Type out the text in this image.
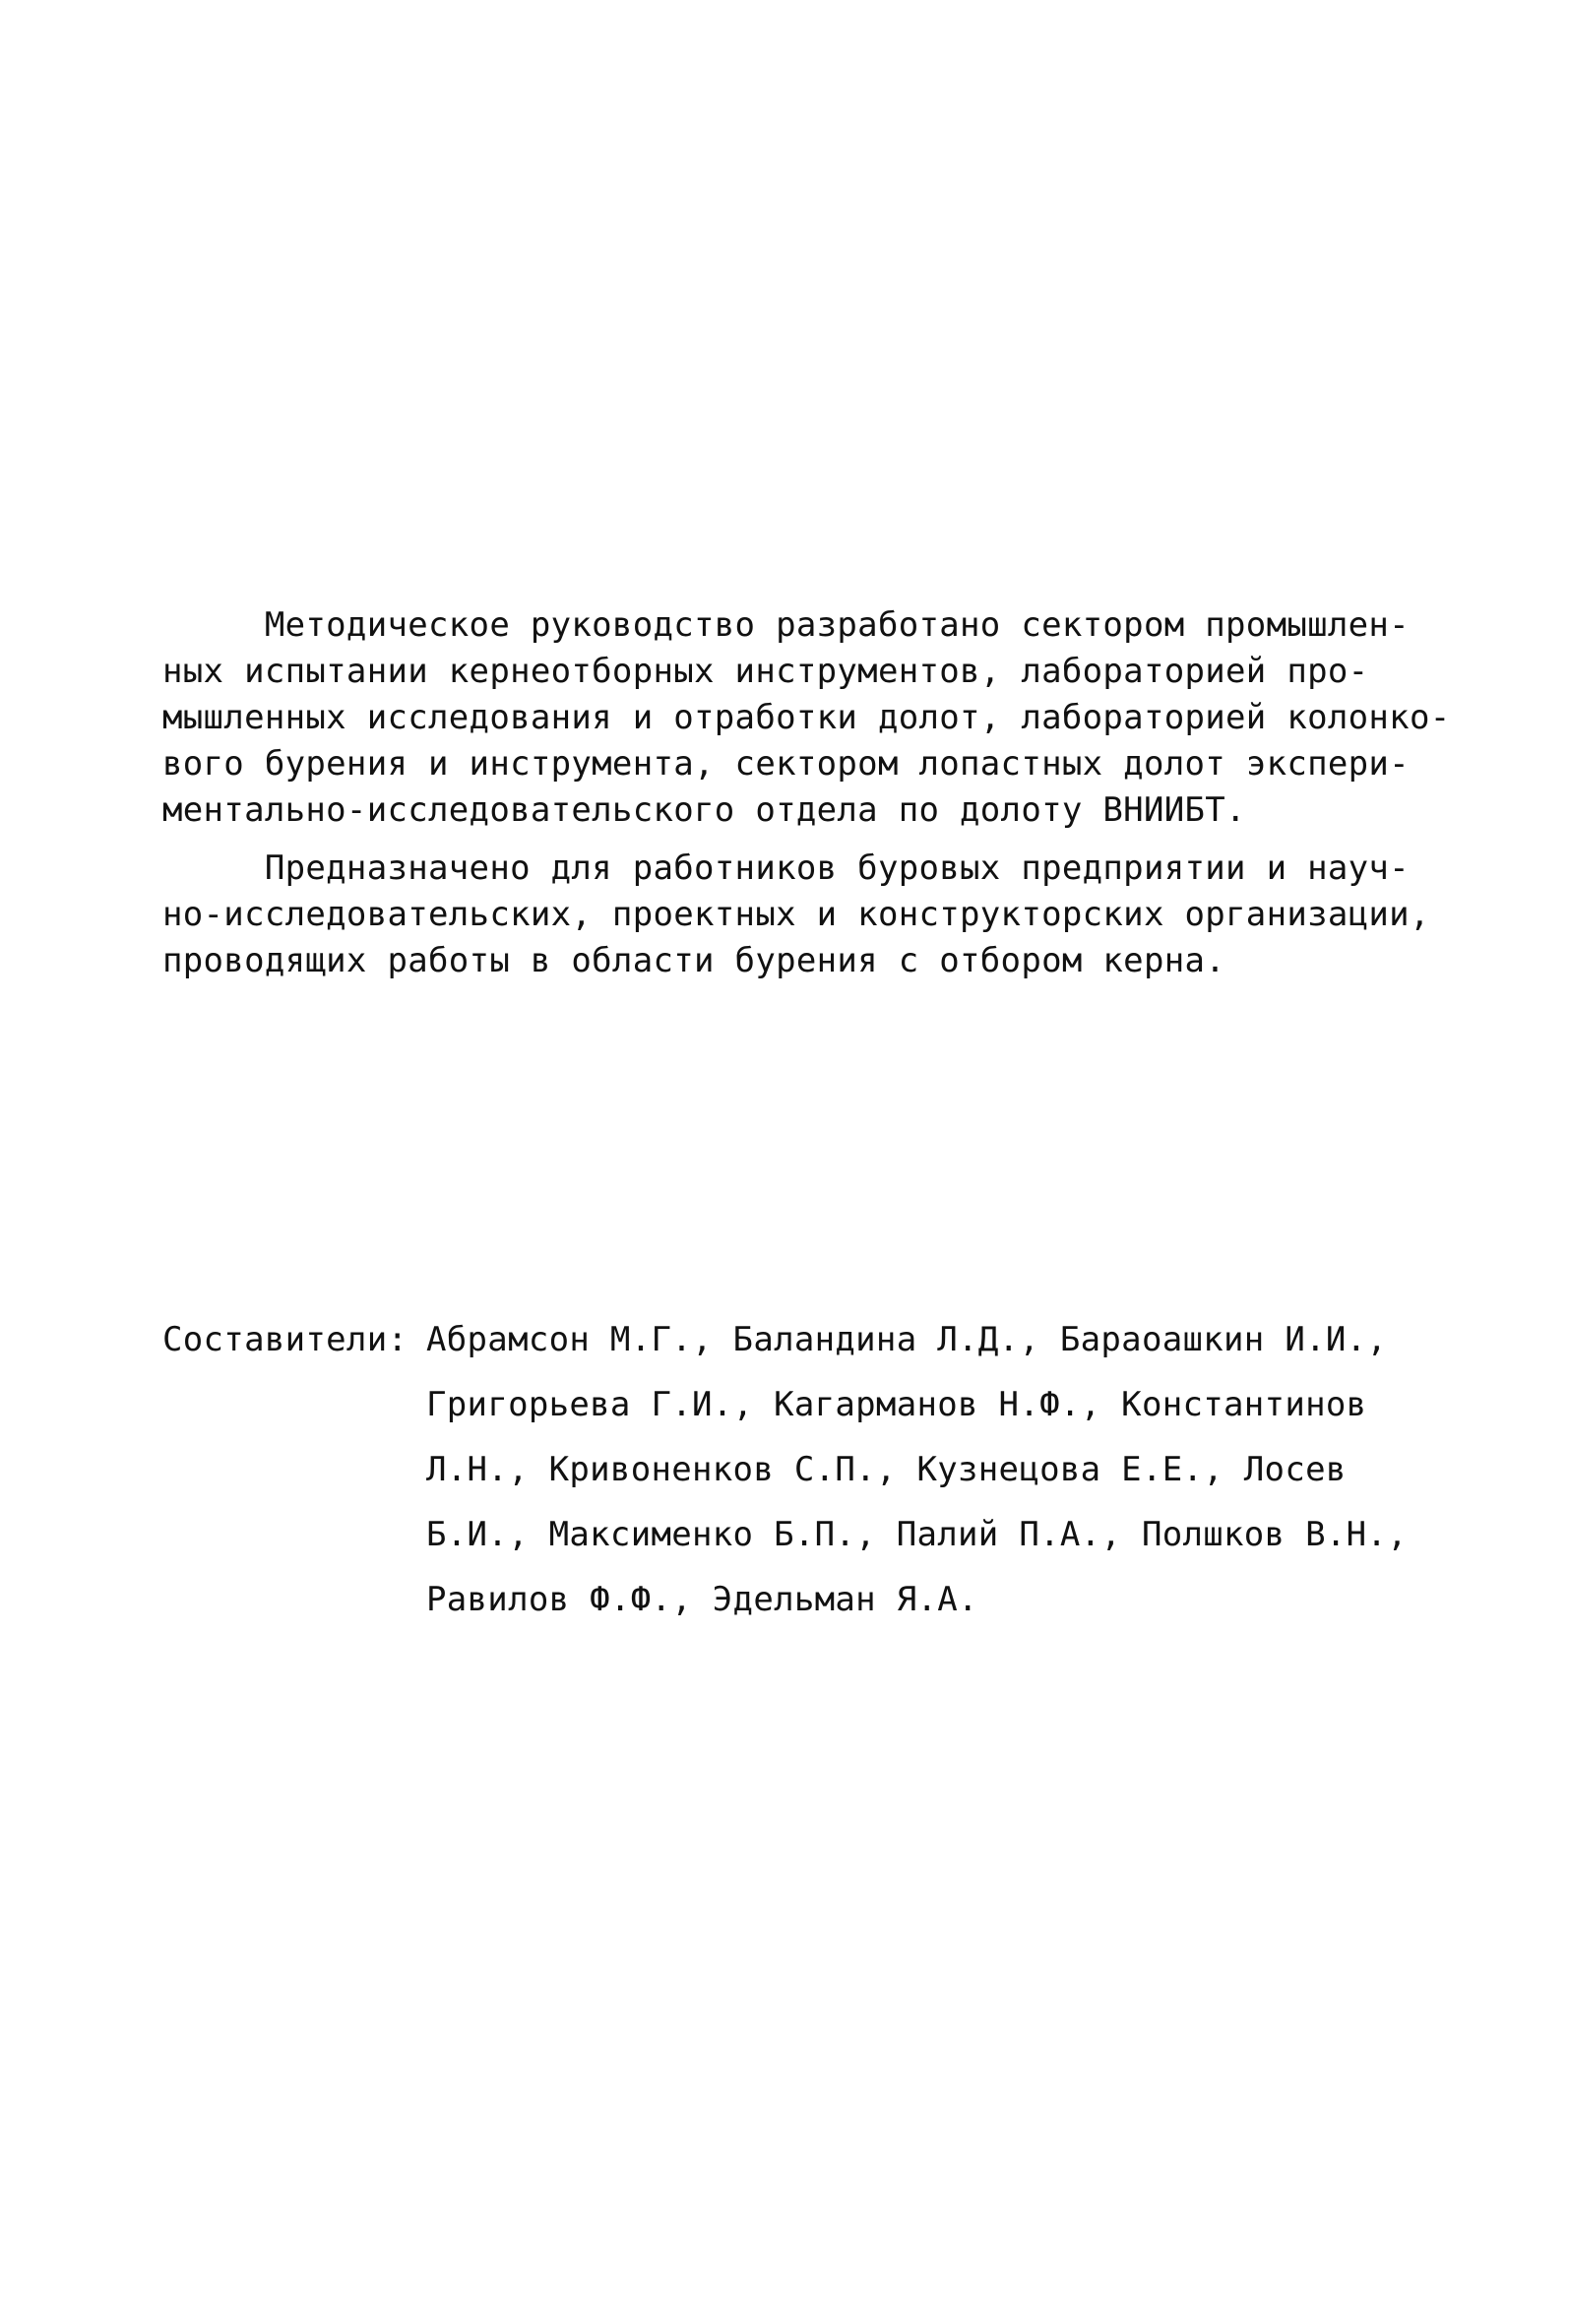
Методическое руководство разработано сектором промышлен-
ных испытании кернеотборных инструментов, лабораторией про-
мышленных исследования и отработки долот, лабораторией колонко-
вого бурения и инструмента, сектором лопастных долот экспери-
ментально-исследовательского отдела по долоту ВНИИБТ.
Предназначено для работников буровых предприятии и науч-
но-исследовательских, проектных и конструкторских организации,
проводящих работы в области бурения с отбором керна.
Составители: Абрамсон М.Г., Баландина Л.Д., Бараоашкин И.И.,
Григорьева Г.И., Кагарманов Н.Ф., Константинов
Л.Н., Кривоненков С.П., Кузнецова Е.Е., Лосев
Б.И., Максименко Б.П., Палий П.А., Полшков В.Н.,
Равилов Ф.Ф., Эдельман Я.А.
